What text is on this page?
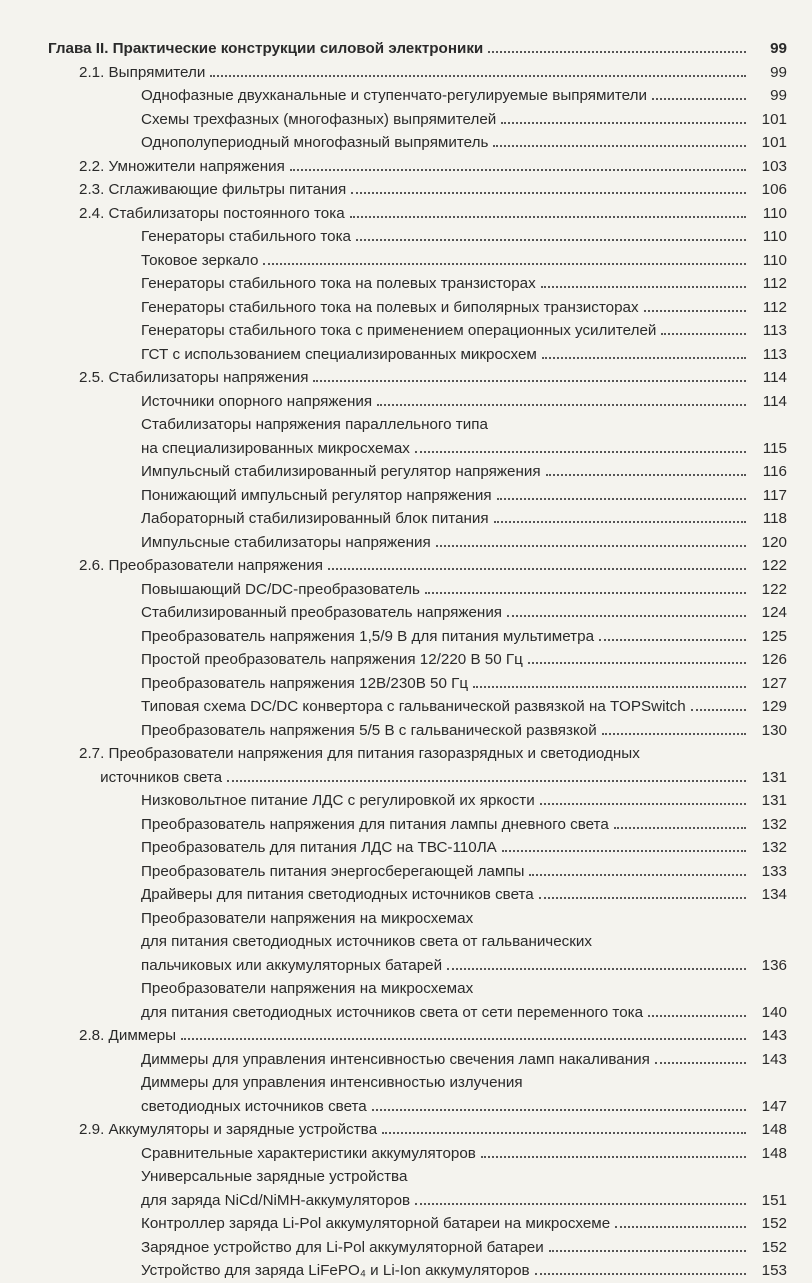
Глава II. Практические конструкции силовой электроники	99
2.1. Выпрямители	99
Однофазные двухканальные и ступенчато-регулируемые выпрямители	99
Схемы трехфазных (многофазных) выпрямителей	101
Однополупериодный многофазный выпрямитель	101
2.2. Умножители напряжения	103
2.3. Сглаживающие фильтры питания	106
2.4. Стабилизаторы постоянного тока	110
Генераторы стабильного тока	110
Токовое зеркало	110
Генераторы стабильного тока на полевых транзисторах	112
Генераторы стабильного тока на полевых и биполярных транзисторах	112
Генераторы стабильного тока с применением операционных усилителей	113
ГСТ с использованием специализированных микросхем	113
2.5. Стабилизаторы напряжения	114
Источники опорного напряжения	114
Стабилизаторы напряжения параллельного типа
на специализированных микросхемах	115
Импульсный стабилизированный регулятор напряжения	116
Понижающий импульсный регулятор напряжения	117
Лабораторный стабилизированный блок питания	118
Импульсные стабилизаторы напряжения	120
2.6. Преобразователи напряжения	122
Повышающий DC/DC-преобразователь	122
Стабилизированный преобразователь напряжения	124
Преобразователь напряжения 1,5/9 В для питания мультиметра	125
Простой преобразователь напряжения 12/220 В 50 Гц	126
Преобразователь напряжения 12В/230В 50 Гц	127
Типовая схема DC/DC конвертора с гальванической развязкой на TOPSwitch	129
Преобразователь напряжения 5/5 В с гальванической развязкой	130
2.7. Преобразователи напряжения для питания газоразрядных и светодиодных
источников света	131
Низковольтное питание ЛДС с регулировкой их яркости	131
Преобразователь напряжения для питания лампы дневного света	132
Преобразователь для питания ЛДС на ТВС-110ЛА	132
Преобразователь питания энергосберегающей лампы	133
Драйверы для питания светодиодных источников света	134
Преобразователи напряжения на микросхемах
для питания светодиодных источников света от гальванических
пальчиковых или аккумуляторных батарей	136
Преобразователи напряжения на микросхемах
для питания светодиодных источников света от сети переменного тока	140
2.8. Диммеры	143
Диммеры для управления интенсивностью свечения ламп накаливания	143
Диммеры для управления интенсивностью излучения
светодиодных источников света	147
2.9. Аккумуляторы и зарядные устройства	148
Сравнительные характеристики аккумуляторов	148
Универсальные зарядные устройства
для заряда NiCd/NiMH-аккумуляторов	151
Контроллер заряда Li-Pol аккумуляторной батареи на микросхеме	152
Зарядное устройство для Li-Pol аккумуляторной батареи	152
Устройство для заряда LiFePO₄ и Li-Ion аккумуляторов	153
